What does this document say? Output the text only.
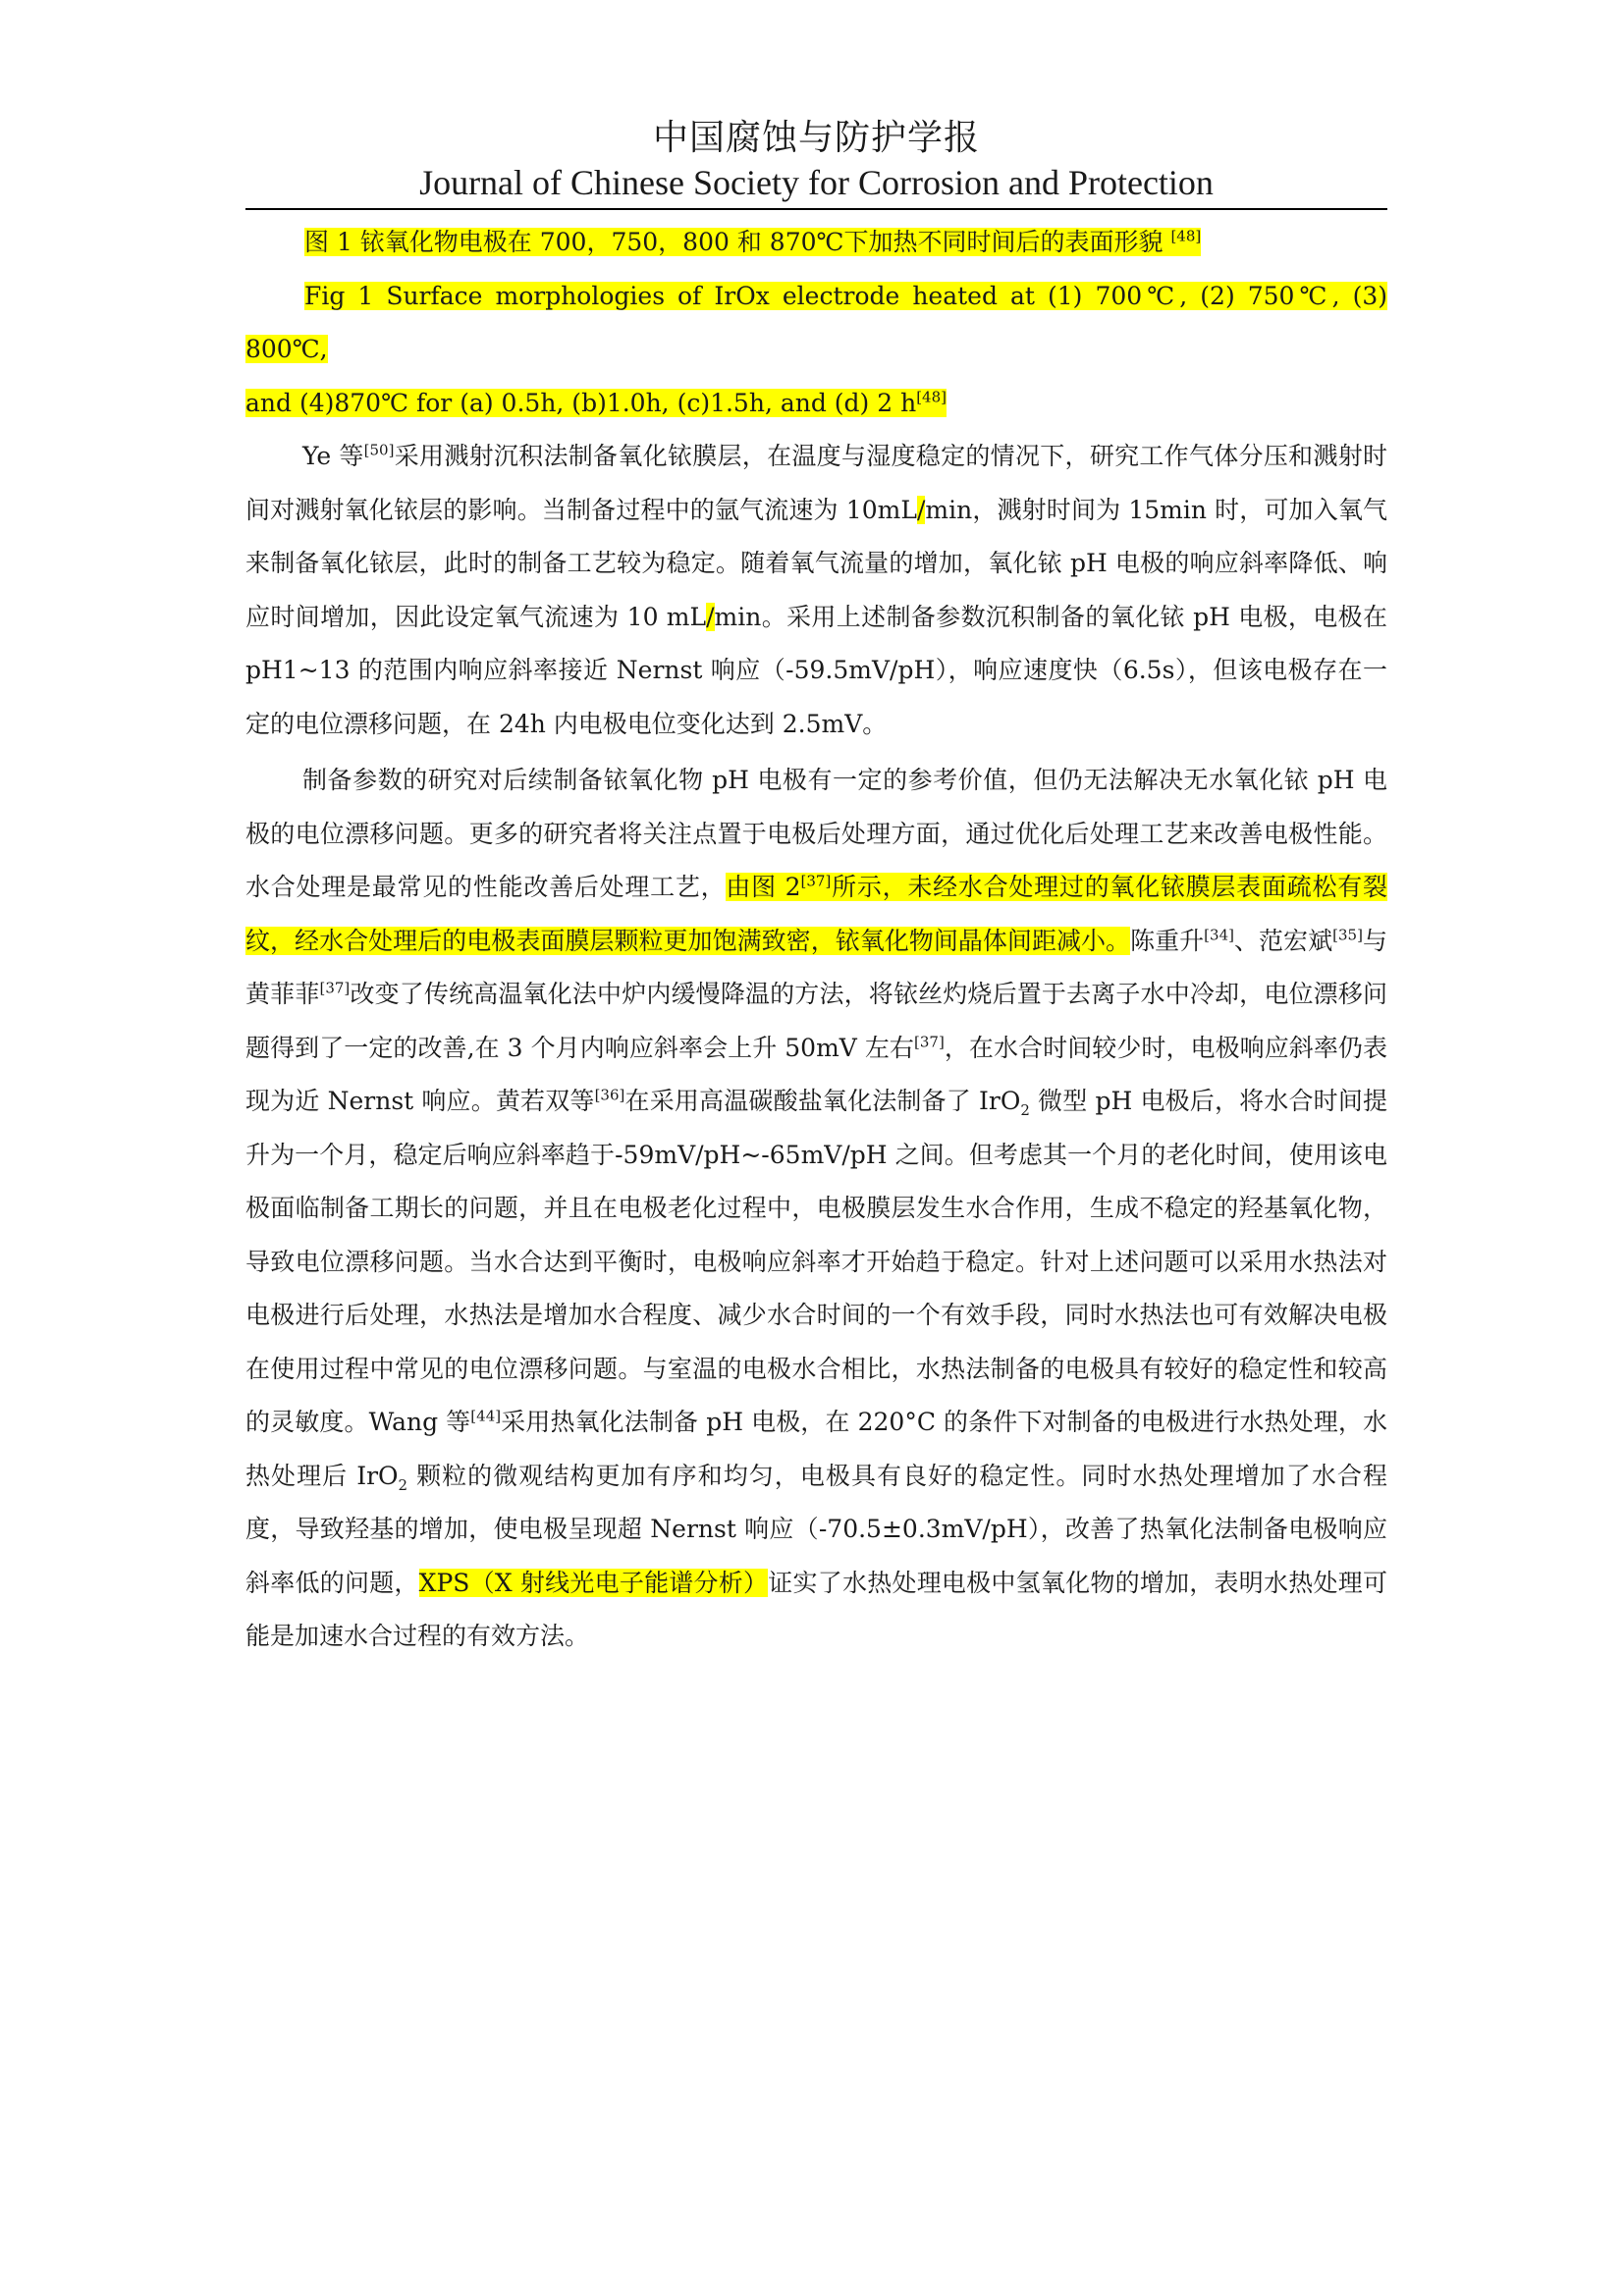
中国腐蚀与防护学报
Journal of Chinese Society for Corrosion and Protection

图 1 铱氧化物电极在 700，750，800 和 870℃下加热不同时间后的表面形貌 [48]

Fig 1 Surface morphologies of IrOx electrode heated at (1) 700℃, (2) 750℃, (3) 800℃,

and (4)870℃ for (a) 0.5h, (b)1.0h, (c)1.5h, and (d) 2 h[48]

Ye 等[50]采用溅射沉积法制备氧化铱膜层，在温度与湿度稳定的情况下，研究工作气体分压和溅射时间对溅射氧化铱层的影响。当制备过程中的氩气流速为 10mL/min，溅射时间为 15min 时，可加入氧气来制备氧化铱层，此时的制备工艺较为稳定。随着氧气流量的增加，氧化铱 pH 电极的响应斜率降低、响应时间增加，因此设定氧气流速为 10 mL/min。采用上述制备参数沉积制备的氧化铱 pH 电极，电极在 pH1~13 的范围内响应斜率接近 Nernst 响应（-59.5mV/pH），响应速度快（6.5s），但该电极存在一定的电位漂移问题，在 24h 内电极电位变化达到 2.5mV。

制备参数的研究对后续制备铱氧化物 pH 电极有一定的参考价值，但仍无法解决无水氧化铱 pH 电极的电位漂移问题。更多的研究者将关注点置于电极后处理方面，通过优化后处理工艺来改善电极性能。水合处理是最常见的性能改善后处理工艺，由图 2[37]所示，未经水合处理过的氧化铱膜层表面疏松有裂纹，经水合处理后的电极表面膜层颗粒更加饱满致密，铱氧化物间晶体间距减小。陈重升[34]、范宏斌[35]与黄菲菲[37]改变了传统高温氧化法中炉内缓慢降温的方法，将铱丝灼烧后置于去离子水中冷却，电位漂移问题得到了一定的改善,在 3 个月内响应斜率会上升 50mV 左右[37]，在水合时间较少时，电极响应斜率仍表现为近 Nernst 响应。黄若双等[36]在采用高温碳酸盐氧化法制备了 IrO$_2$ 微型 pH 电极后，将水合时间提升为一个月，稳定后响应斜率趋于-59mV/pH~-65mV/pH 之间。但考虑其一个月的老化时间，使用该电极面临制备工期长的问题，并且在电极老化过程中，电极膜层发生水合作用，生成不稳定的羟基氧化物，导致电位漂移问题。当水合达到平衡时，电极响应斜率才开始趋于稳定。针对上述问题可以采用水热法对电极进行后处理，水热法是增加水合程度、减少水合时间的一个有效手段，同时水热法也可有效解决电极在使用过程中常见的电位漂移问题。与室温的电极水合相比，水热法制备的电极具有较好的稳定性和较高的灵敏度。Wang 等[44]采用热氧化法制备 pH 电极，在 220°C 的条件下对制备的电极进行水热处理，水热处理后 IrO$_2$ 颗粒的微观结构更加有序和均匀，电极具有良好的稳定性。同时水热处理增加了水合程度，导致羟基的增加，使电极呈现超 Nernst 响应（-70.5±0.3mV/pH），改善了热氧化法制备电极响应斜率低的问题，XPS（X 射线光电子能谱分析）证实了水热处理电极中氢氧化物的增加，表明水热处理可能是加速水合过程的有效方法。
